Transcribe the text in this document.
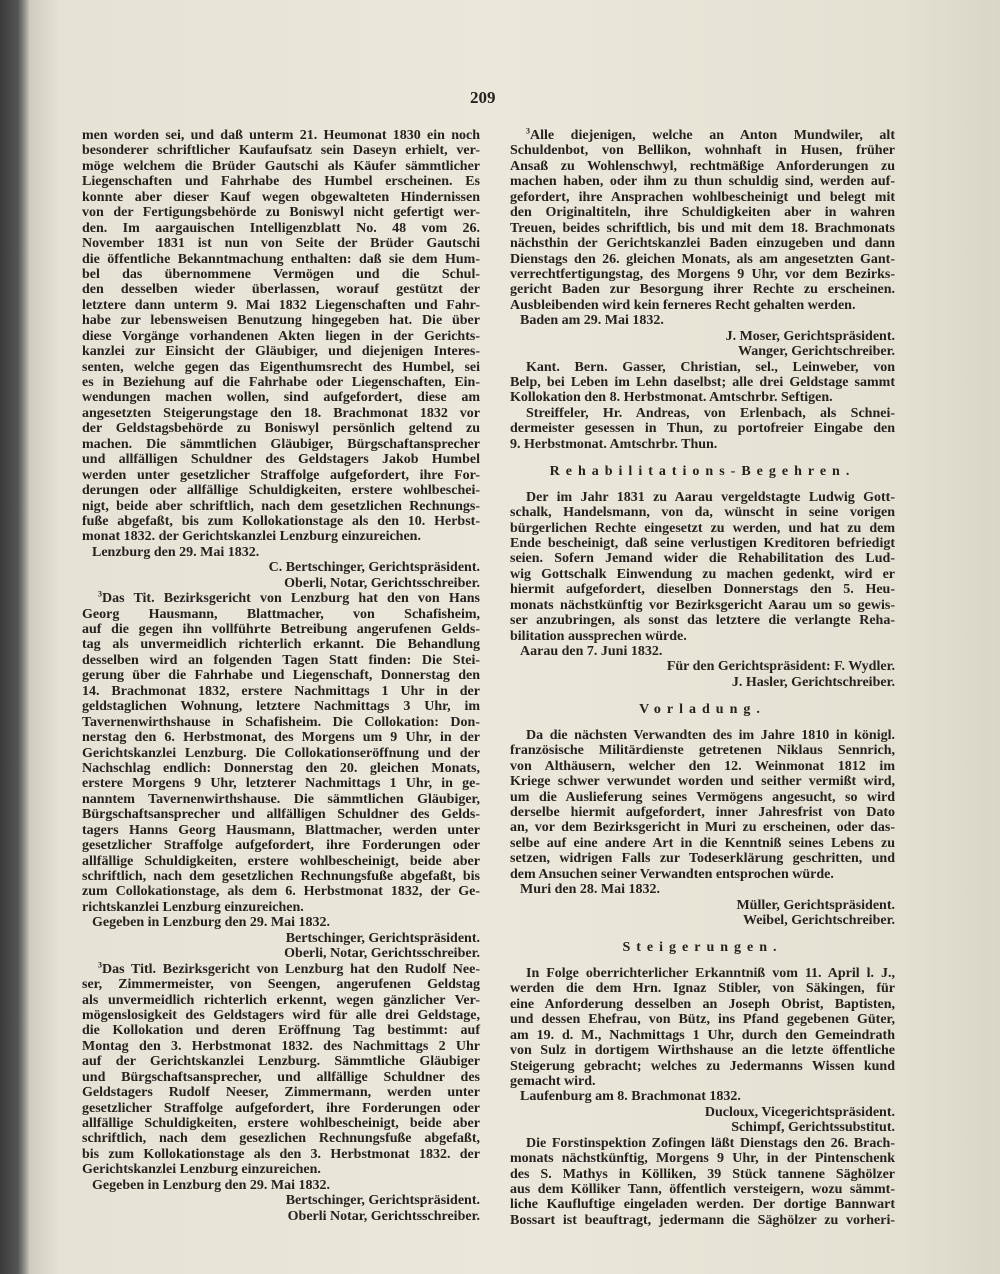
209
men worden sei, und daß unterm 21. Heumonat 1830 ein noch
besonderer schriftlicher Kaufaufsatz sein Daseyn erhielt, ver-
möge welchem die Brüder Gautschi als Käufer sämmtlicher
Liegenschaften und Fahrhabe des Humbel erscheinen. Es
konnte aber dieser Kauf wegen obgewalteten Hindernissen
von der Fertigungsbehörde zu Boniswyl nicht gefertigt wer-
den. Im aargauischen Intelligenzblatt No. 48 vom 26.
November 1831 ist nun von Seite der Brüder Gautschi
die öffentliche Bekanntmachung enthalten: daß sie dem Hum-
bel das übernommene Vermögen und die Schul-
den desselben wieder überlassen, worauf gestützt der
letztere dann unterm 9. Mai 1832 Liegenschaften und Fahr-
habe zur lebensweisen Benutzung hingegeben hat. Die über
diese Vorgänge vorhandenen Akten liegen in der Gerichts-
kanzlei zur Einsicht der Gläubiger, und diejenigen Interes-
senten, welche gegen das Eigenthumsrecht des Humbel, sei
es in Beziehung auf die Fahrhabe oder Liegenschaften, Ein-
wendungen machen wollen, sind aufgefordert, diese am
angesetzten Steigerungstage den 18. Brachmonat 1832 vor
der Geldstagsbehörde zu Boniswyl persönlich geltend zu
machen. Die sämmtlichen Gläubiger, Bürgschaftansprecher
und allfälligen Schuldner des Geldstagers Jakob Humbel
werden unter gesetzlicher Straffolge aufgefordert, ihre For-
derungen oder allfällige Schuldigkeiten, erstere wohlbeschei-
nigt, beide aber schriftlich, nach dem gesetzlichen Rechnungs-
fuße abgefaßt, bis zum Kollokationstage als den 10. Herbst-
monat 1832. der Gerichtskanzlei Lenzburg einzureichen.
Lenzburg den 29. Mai 1832.
C. Bertschinger, Gerichtspräsident.
Oberli, Notar, Gerichtsschreiber.
$^3$Das Tit. Bezirksgericht von Lenzburg hat den von Hans
Georg Hausmann, Blattmacher, von Schafisheim,
auf die gegen ihn vollführte Betreibung angerufenen Gelds-
tag als unvermeidlich richterlich erkannt. Die Behandlung
desselben wird an folgenden Tagen Statt finden: Die Stei-
gerung über die Fahrhabe und Liegenschaft, Donnerstag den
14. Brachmonat 1832, erstere Nachmittags 1 Uhr in der
geldstaglichen Wohnung, letztere Nachmittags 3 Uhr, im
Tavernenwirthshause in Schafisheim. Die Collokation: Don-
nerstag den 6. Herbstmonat, des Morgens um 9 Uhr, in der
Gerichtskanzlei Lenzburg. Die Collokationseröffnung und der
Nachschlag endlich: Donnerstag den 20. gleichen Monats,
erstere Morgens 9 Uhr, letzterer Nachmittags 1 Uhr, in ge-
nanntem Tavernenwirthshause. Die sämmtlichen Gläubiger,
Bürgschaftsansprecher und allfälligen Schuldner des Gelds-
tagers Hanns Georg Hausmann, Blattmacher, werden unter
gesetzlicher Straffolge aufgefordert, ihre Forderungen oder
allfällige Schuldigkeiten, erstere wohlbescheinigt, beide aber
schriftlich, nach dem gesetzlichen Rechnungsfuße abgefaßt, bis
zum Collokationstage, als dem 6. Herbstmonat 1832, der Ge-
richtskanzlei Lenzburg einzureichen.
Gegeben in Lenzburg den 29. Mai 1832.
Bertschinger, Gerichtspräsident.
Oberli, Notar, Gerichtsschreiber.
$^3$Das Titl. Bezirksgericht von Lenzburg hat den Rudolf Nee-
ser, Zimmermeister, von Seengen, angerufenen Geldstag
als unvermeidlich richterlich erkennt, wegen gänzlicher Ver-
mögenslosigkeit des Geldstagers wird für alle drei Geldstage,
die Kollokation und deren Eröffnung Tag bestimmt: auf
Montag den 3. Herbstmonat 1832. des Nachmittags 2 Uhr
auf der Gerichtskanzlei Lenzburg. Sämmtliche Gläubiger
und Bürgschaftsansprecher, und allfällige Schuldner des
Geldstagers Rudolf Neeser, Zimmermann, werden unter
gesetzlicher Straffolge aufgefordert, ihre Forderungen oder
allfällige Schuldigkeiten, erstere wohlbescheinigt, beide aber
schriftlich, nach dem gesezlichen Rechnungsfuße abgefaßt,
bis zum Kollokationstage als den 3. Herbstmonat 1832. der
Gerichtskanzlei Lenzburg einzureichen.
Gegeben in Lenzburg den 29. Mai 1832.
Bertschinger, Gerichtspräsident.
Oberli Notar, Gerichtsschreiber.
$^3$Alle diejenigen, welche an Anton Mundwiler, alt
Schuldenbot, von Bellikon, wohnhaft in Husen, früher
Ansaß zu Wohlenschwyl, rechtmäßige Anforderungen zu
machen haben, oder ihm zu thun schuldig sind, werden auf-
gefordert, ihre Ansprachen wohlbescheinigt und belegt mit
den Originaltiteln, ihre Schuldigkeiten aber in wahren
Treuen, beides schriftlich, bis und mit dem 18. Brachmonats
nächsthin der Gerichtskanzlei Baden einzugeben und dann
Dienstags den 26. gleichen Monats, als am angesetzten Gant-
verrechtfertigungstag, des Morgens 9 Uhr, vor dem Bezirks-
gericht Baden zur Besorgung ihrer Rechte zu erscheinen.
Ausbleibenden wird kein ferneres Recht gehalten werden.
Baden am 29. Mai 1832.
J. Moser, Gerichtspräsident.
Wanger, Gerichtschreiber.
Kant. Bern. Gasser, Christian, sel., Leinweber, von
Belp, bei Leben im Lehn daselbst; alle drei Geldstage sammt
Kollokation den 8. Herbstmonat. Amtschrbr. Seftigen.
Streiffeler, Hr. Andreas, von Erlenbach, als Schnei-
dermeister gesessen in Thun, zu portofreier Eingabe den
9. Herbstmonat. Amtschrbr. Thun.
Rehabilitations-Begehren.
Der im Jahr 1831 zu Aarau vergeldstagte Ludwig Gott-
schalk, Handelsmann, von da, wünscht in seine vorigen
bürgerlichen Rechte eingesetzt zu werden, und hat zu dem
Ende bescheinigt, daß seine verlustigen Kreditoren befriedigt
seien. Sofern Jemand wider die Rehabilitation des Lud-
wig Gottschalk Einwendung zu machen gedenkt, wird er
hiermit aufgefordert, dieselben Donnerstags den 5. Heu-
monats nächstkünftig vor Bezirksgericht Aarau um so gewis-
ser anzubringen, als sonst das letztere die verlangte Reha-
bilitation aussprechen würde.
Aarau den 7. Juni 1832.
Für den Gerichtspräsident: F. Wydler.
J. Hasler, Gerichtschreiber.
Vorladung.
Da die nächsten Verwandten des im Jahre 1810 in königl.
französische Militärdienste getretenen Niklaus Sennrich,
von Althäusern, welcher den 12. Weinmonat 1812 im
Kriege schwer verwundet worden und seither vermißt wird,
um die Auslieferung seines Vermögens angesucht, so wird
derselbe hiermit aufgefordert, inner Jahresfrist von Dato
an, vor dem Bezirksgericht in Muri zu erscheinen, oder das-
selbe auf eine andere Art in die Kenntniß seines Lebens zu
setzen, widrigen Falls zur Todeserklärung geschritten, und
dem Ansuchen seiner Verwandten entsprochen würde.
Muri den 28. Mai 1832.
Müller, Gerichtspräsident.
Weibel, Gerichtschreiber.
Steigerungen.
In Folge oberrichterlicher Erkanntniß vom 11. April l. J.,
werden die dem Hrn. Ignaz Stibler, von Säkingen, für
eine Anforderung desselben an Joseph Obrist, Baptisten,
und dessen Ehefrau, von Bütz, ins Pfand gegebenen Güter,
am 19. d. M., Nachmittags 1 Uhr, durch den Gemeindrath
von Sulz in dortigem Wirthshause an die letzte öffentliche
Steigerung gebracht; welches zu Jedermanns Wissen kund
gemacht wird.
Laufenburg am 8. Brachmonat 1832.
Ducloux, Vicegerichtspräsident.
Schimpf, Gerichtssubstitut.
Die Forstinspektion Zofingen läßt Dienstags den 26. Brach-
monats nächstkünftig, Morgens 9 Uhr, in der Pintenschenk
des S. Mathys in Kölliken, 39 Stück tannene Säghölzer
aus dem Kölliker Tann, öffentlich versteigern, wozu sämmt-
liche Kaufluftige eingeladen werden. Der dortige Bannwart
Bossart ist beauftragt, jedermann die Säghölzer zu vorheri-
